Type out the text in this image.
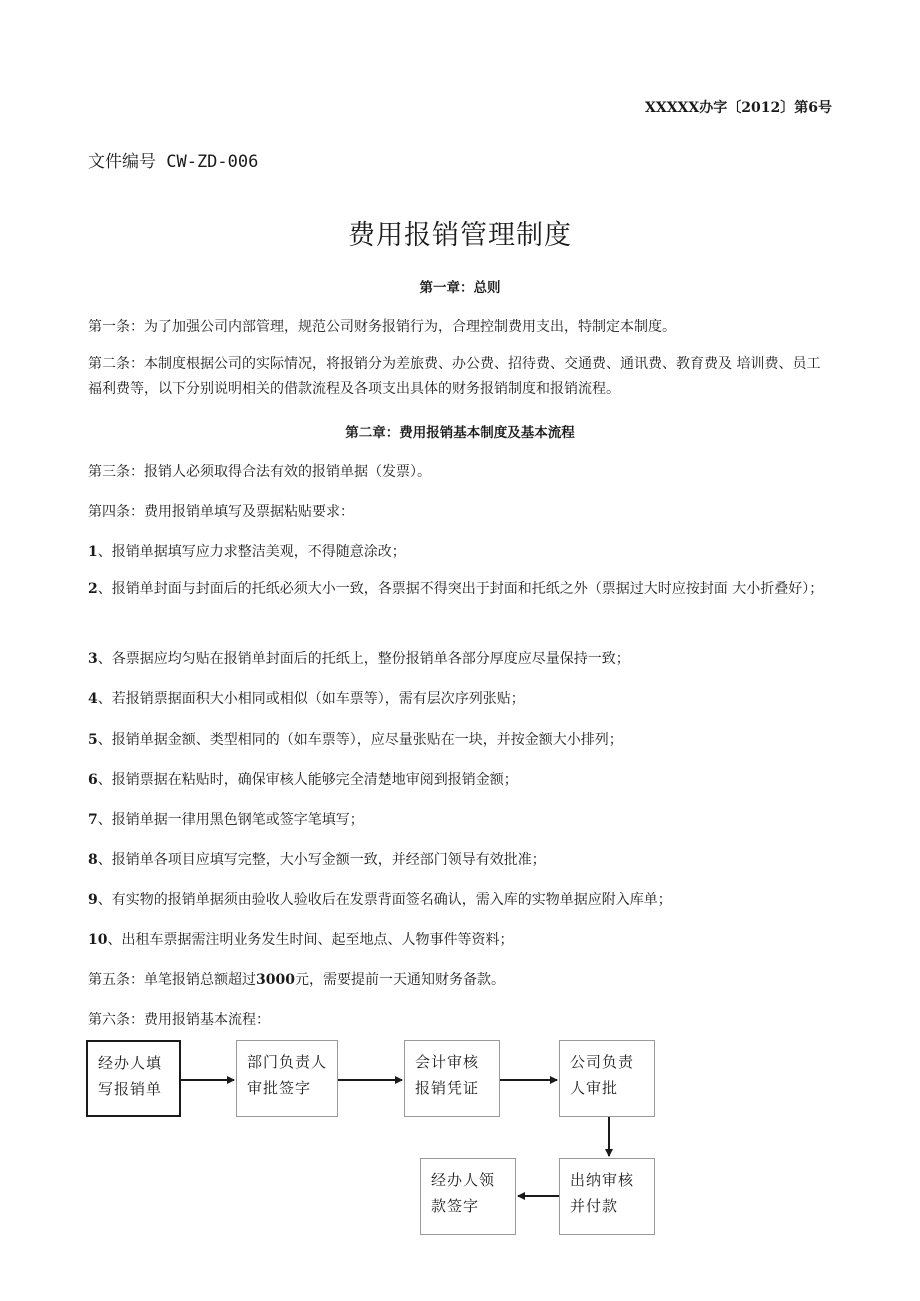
XXXXX办字〔2012〕第6号
文件编号 CW-ZD-006
费用报销管理制度
第一章：总则
第一条：为了加强公司内部管理，规范公司财务报销行为，合理控制费用支出，特制定本制度。
第二条：本制度根据公司的实际情况，将报销分为差旅费、办公费、招待费、交通费、通讯费、教育费及 培训费、员工福利费等，以下分别说明相关的借款流程及各项支出具体的财务报销制度和报销流程。
第二章：费用报销基本制度及基本流程
第三条：报销人必须取得合法有效的报销单据（发票）。
第四条：费用报销单填写及票据粘贴要求：
1、报销单据填写应力求整洁美观，不得随意涂改；
2、报销单封面与封面后的托纸必须大小一致，各票据不得突出于封面和托纸之外（票据过大时应按封面 大小折叠好）；
3、各票据应均匀贴在报销单封面后的托纸上，整份报销单各部分厚度应尽量保持一致；
4、若报销票据面积大小相同或相似（如车票等），需有层次序列张贴；
5、报销单据金额、类型相同的（如车票等），应尽量张贴在一块，并按金额大小排列；
6、报销票据在粘贴时，确保审核人能够完全清楚地审阅到报销金额；
7、报销单据一律用黑色钢笔或签字笔填写；
8、报销单各项目应填写完整，大小写金额一致，并经部门领导有效批准；
9、有实物的报销单据须由验收人验收后在发票背面签名确认，需入库的实物单据应附入库单；
10、出租车票据需注明业务发生时间、起至地点、人物事件等资料；
第五条：单笔报销总额超过3000元，需要提前一天通知财务备款。
第六条：费用报销基本流程：
经办人填
写报销单
部门负责人
审批签字
会计审核
报销凭证
公司负责
人审批
出纳审核
并付款
经办人领
款签字
